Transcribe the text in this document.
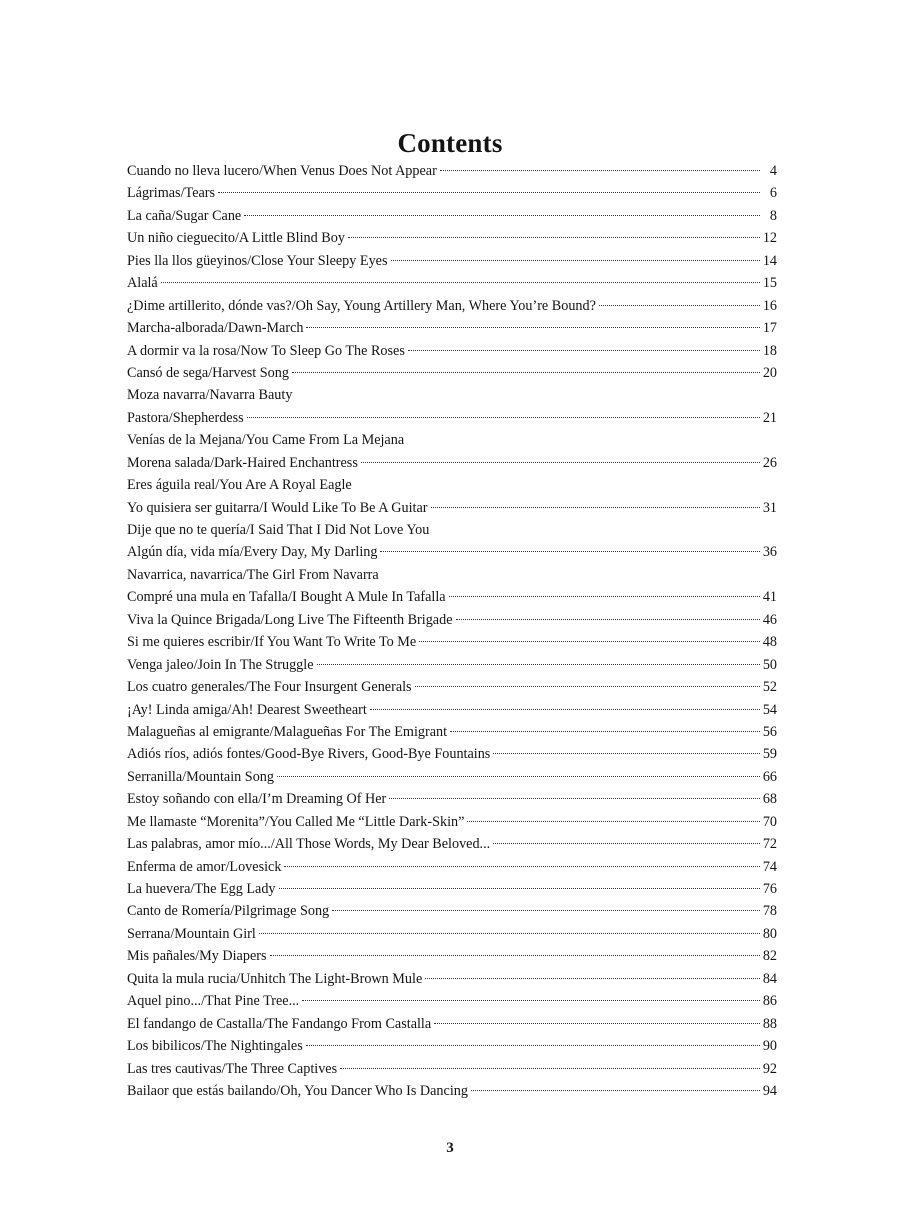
Contents
Cuando no lleva lucero/When Venus Does Not Appear	4
Lágrimas/Tears	6
La caña/Sugar Cane	8
Un niño cieguecito/A Little Blind Boy	12
Pies lla llos güeyinos/Close Your Sleepy Eyes	14
Alalá	15
¿Dime artillerito, dónde vas?/Oh Say, Young Artillery Man, Where You’re Bound?	16
Marcha-alborada/Dawn-March	17
A dormir va la rosa/Now To Sleep Go The Roses	18
Cansó de sega/Harvest Song	20
Moza navarra/Navarra Bauty
Pastora/Shepherdess	21
Venías de la Mejana/You Came From La Mejana
Morena salada/Dark-Haired Enchantress	26
Eres águila real/You Are A Royal Eagle
Yo quisiera ser guitarra/I Would Like To Be A Guitar	31
Dije que no te quería/I Said That I Did Not Love You
Algún día, vida mía/Every Day, My Darling	36
Navarrica, navarrica/The Girl From Navarra
Compré una mula en Tafalla/I Bought A Mule In Tafalla	41
Viva la Quince Brigada/Long Live The Fifteenth Brigade	46
Si me quieres escribir/If You Want To Write To Me	48
Venga jaleo/Join In The Struggle	50
Los cuatro generales/The Four Insurgent Generals	52
¡Ay! Linda amiga/Ah! Dearest Sweetheart	54
Malagueñas al emigrante/Malagueñas For The Emigrant	56
Adiós ríos, adiós fontes/Good-Bye Rivers, Good-Bye Fountains	59
Serranilla/Mountain Song	66
Estoy soñando con ella/I’m Dreaming Of Her	68
Me llamaste “Morenita”/You Called Me “Little Dark-Skin”	70
Las palabras, amor mío.../All Those Words, My Dear Beloved...	72
Enferma de amor/Lovesick	74
La huevera/The Egg Lady	76
Canto de Romería/Pilgrimage Song	78
Serrana/Mountain Girl	80
Mis pañales/My Diapers	82
Quita la mula rucia/Unhitch The Light-Brown Mule	84
Aquel pino.../That Pine Tree...	86
El fandango de Castalla/The Fandango From Castalla	88
Los bibilicos/The Nightingales	90
Las tres cautivas/The Three Captives	92
Bailaor que estás bailando/Oh, You Dancer Who Is Dancing	94
3
